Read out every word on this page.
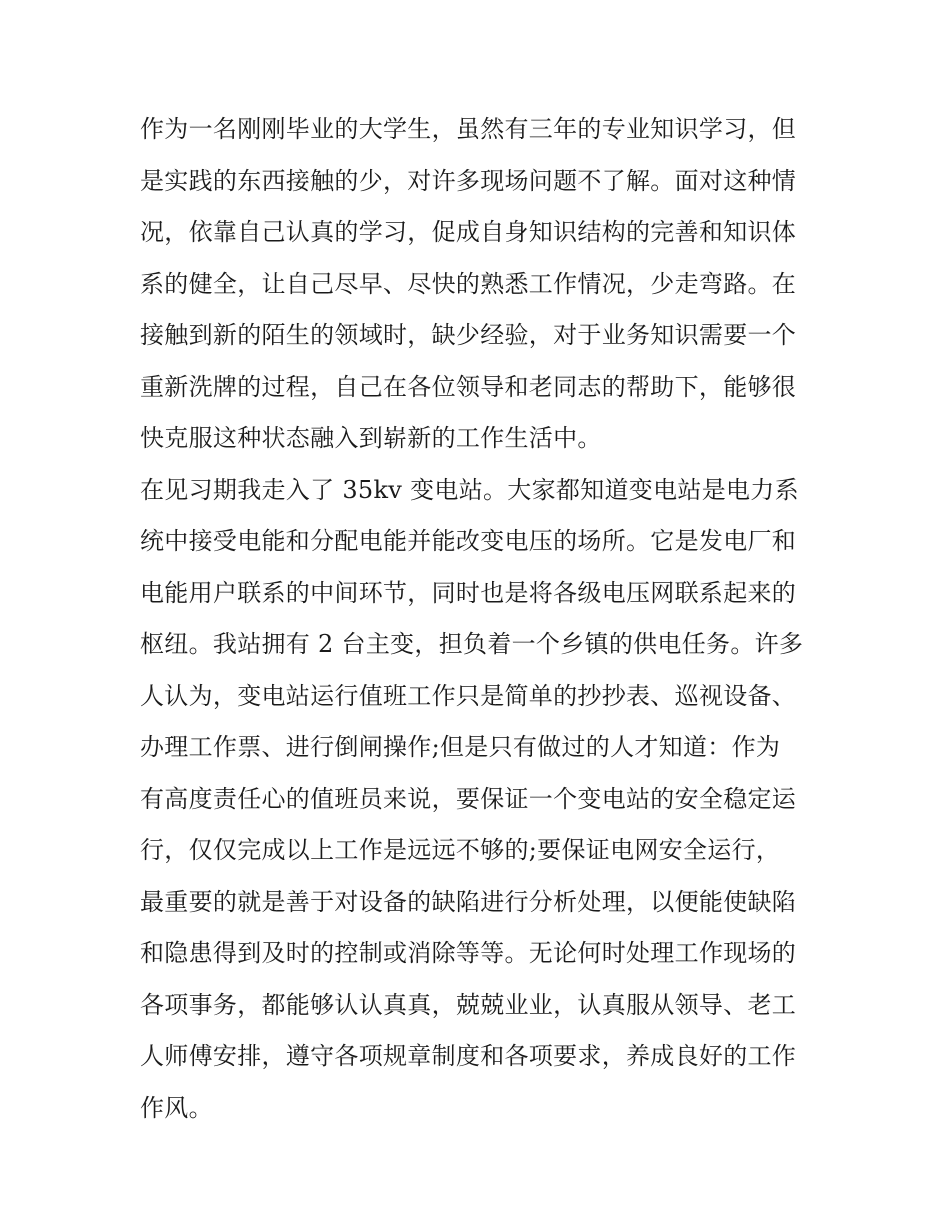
作为一名刚刚毕业的大学生，虽然有三年的专业知识学习，但
是实践的东西接触的少，对许多现场问题不了解。面对这种情
况，依靠自己认真的学习，促成自身知识结构的完善和知识体
系的健全，让自己尽早、尽快的熟悉工作情况，少走弯路。在
接触到新的陌生的领域时，缺少经验，对于业务知识需要一个
重新洗牌的过程，自己在各位领导和老同志的帮助下，能够很
快克服这种状态融入到崭新的工作生活中。
在见习期我走入了 35kv 变电站。大家都知道变电站是电力系
统中接受电能和分配电能并能改变电压的场所。它是发电厂和
电能用户联系的中间环节，同时也是将各级电压网联系起来的
枢纽。我站拥有 2 台主变，担负着一个乡镇的供电任务。许多
人认为，变电站运行值班工作只是简单的抄抄表、巡视设备、
办理工作票、进行倒闸操作;但是只有做过的人才知道：作为
有高度责任心的值班员来说，要保证一个变电站的安全稳定运
行，仅仅完成以上工作是远远不够的;要保证电网安全运行，
最重要的就是善于对设备的缺陷进行分析处理，以便能使缺陷
和隐患得到及时的控制或消除等等。无论何时处理工作现场的
各项事务，都能够认认真真，兢兢业业，认真服从领导、老工
人师傅安排，遵守各项规章制度和各项要求，养成良好的工作
作风。
